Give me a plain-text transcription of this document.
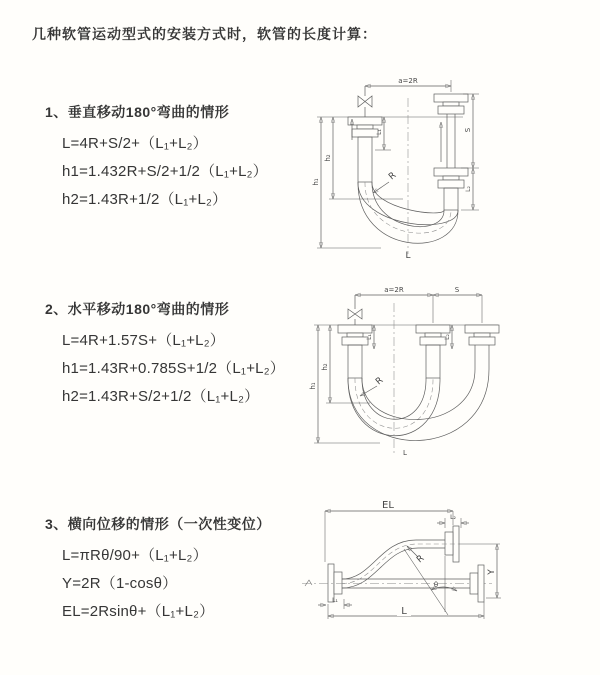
几种软管运动型式的安装方式时，软管的长度计算：
1、垂直移动180°弯曲的情形
L=4R+S/2+（L₁+L₂）
h1=1.432R+S/2+1/2（L₁+L₂）
h2=1.43R+1/2（L₁+L₂）
2、水平移动180°弯曲的情形
L=4R+1.57S+（L₁+L₂）
h1=1.43R+0.785S+1/2（L₁+L₂）
h2=1.43R+S/2+1/2（L₁+L₂）
3、横向位移的情形（一次性变位）
L=πRθ/90+（L₁+L₂）
Y=2R（1-cosθ）
EL=2Rsinθ+（L₁+L₂）
a=2R
h₁
h₂
L₁	S
L₂
R
L
a=2R	S
h₁
h₂
L₁	L₂
R
L
EL
L₂
θ
R
Y
L₁
L
